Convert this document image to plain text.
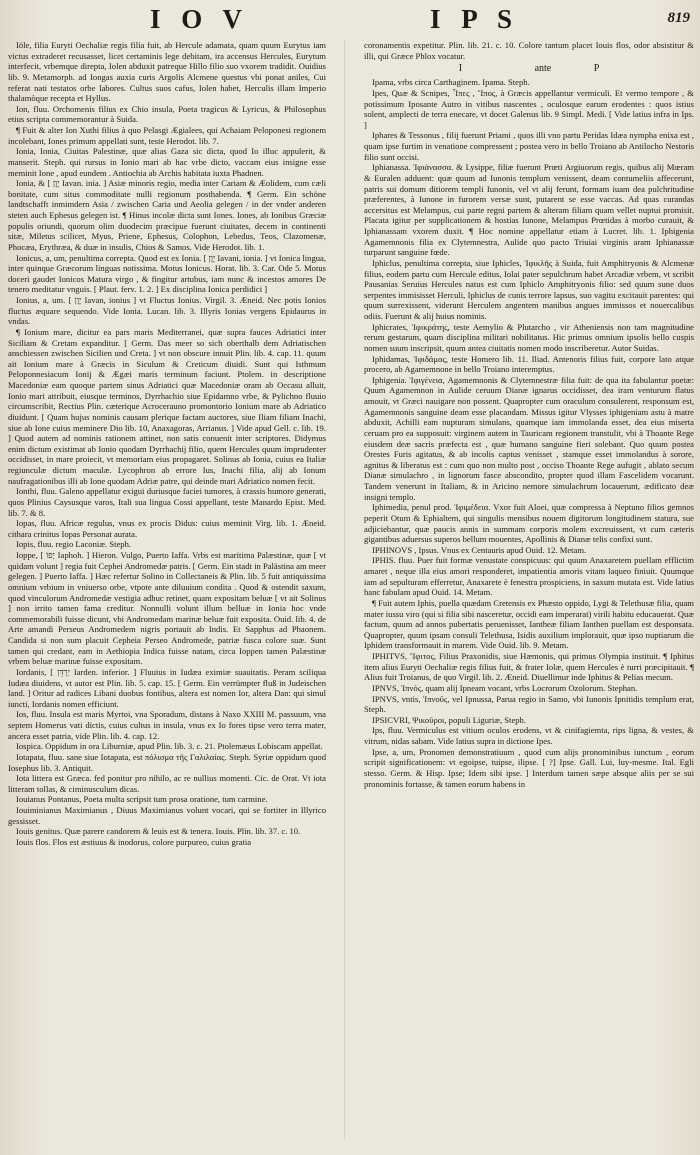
I O V	I P S	819

Iöle, filia Euryti Oechaliæ regis filia fuit, ab Hercule adamata, quam quum Eurytus iam victus extraderet recusasset, licet certaminis lege debitam, ira accensus Hercules, Eurytum interfecit, vrbemque direpta, Iolen abduxit patreque Hillo filio suo vxorem tradidit. Ouidius lib. 9. Metamorph. ad Iongas auxia curis Argolis Alcmene questus vbi ponat aniles, Cui referat nati testatos orbe labores. Cultus suos cafus, Iolen habet, Herculis illam Imperio thalamòque recepta et Hyllus.

Ion, fluu. Orchomenis filius ex Chio insula, Poeta tragicus & Lyricus, & Philosophus etius scripta commemorantur à Suida.

¶ Fuit & alter Ion Xuthi filius à quo Pelasgi Ægialees, qui Achaiam Peloponesi regionem incolebant, Iones primum appellati sunt, teste Herodot. lib. 7.

Ionia, Ionia, Ciuitas Palestinæ, quæ alias Gaza sic dicta, quod Io illuc appulerit, & manserit. Steph. qui rursus in Ionio mari ab hac vrbe dicto, vaccam eius insigne esse meminit Ione , apud eundem . Antiochia ab Archis habitata iuxta Phadnen.

Ionia, & [ יָוָן Iavan. inia. ] Asiæ minoris regio, media inter Cariam & Æolidem, cum cæli bonitate, cum situs commoditate nulli regionum posthabenda. ¶ Germ. Ein schöne landtschafft inmimdern Asia / zwischen Caria und Aeolia gelegen / in der vnder anderen steten auch Ephesus gelegen ist. ¶ Hinus incolæ dicta sunt Iones. Iones, ab Ionibus Græciæ populis oriundi, quorum olim duodecim præcipue fuerunt ciuitates, decem in continenti sitæ, Miletus scilicet, Myus, Priene, Ephesus, Colophon, Lebedus, Teos, Clazomenæ, Phocæa, Erythræa, & duæ in insulis, Chios & Samos. Vide Herodot. lib. 1.

Ionicus, a, um, penultima correpta. Quod est ex Ionia. [ יָוָן Iavani, ionia. ] vt Ionica lingua, inter quinque Græcorum linguas notissima. Motus Ionicus. Horat. lib. 3. Car. Ode 5. Motus doceri gaudet Ionicos Matura virgo , & fingitur artubus, iam nunc & incestos amores De tenero meditatur vnguis. [ Plaut. ferv. 1. 2. ] Ex disciplina Ionica perdidici ]

Ionius, a, um. [ יָוָן Iavan, ionius ] vt Fluctus Ionius. Virgil. 3. Æneid. Nec potis Ionios fluctus æquare sequendo. Vide Ionia. Lucan. lib. 3. Illyris Ionias vergens Epidaurus in vndas.

¶ Ionium mare, dicitur ea pars maris Mediterranei, quæ supra fauces Adriatici inter Siciliam & Cretam expanditur. [ Germ. Das meer so sich oberthalb dem Adriatischen anschiessen zwischen Sicilien und Creta. ] vt non obscure innuit Plin. lib. 4. cap. 11. quum ait Ionium mare à Græcis in Siculum & Creticum diuidi. Sunt qui Isthmum Peloponnesiacum Ionij & Ægæi maris terminum faciunt. Ptolem. in descriptione Macedoniæ eam quoque partem sinus Adriatici quæ Macedoniæ oram ab Occasu alluit, Ionio mari attribuit, eiusque terminos, Dyrrhachio siue Epidamno vrbe, & Pylichno fluuio circumscribit, Rectius Plin. cæterique Acrocerauno promontorio Ionium mare ab Adriatico diuidunt. [ Quam hujus nominis causam plerique factam auctores, siue Iliam filiam Inachi, siue ab Ione cuius meminere Dio lib. 10, Anaxagoras, Arrianus. ] Vide apud Gell. c. lib. 19. ] Quod autem ad nominis rationem attinet, non satis conuenit inter scriptores. Didymus enim dictum existimat ab Ionio quodam Dyrrhachij filio, quem Hercules quum imprudenter occidisset, in mare proiecit, vt memoriam eius propagaret. Solinus ab Ionia, cuius ea Italiæ regiunculæ dictum maculæ. Lycophron ab errore Ius, Inachi filia, alij ab Ionum naufragationibus illi ab Ione quodam Adriæ patre, qui deinde mari Adriatico nomen fecit.

Ionthi, fluu. Galeno appellatur exigui duriusque faciei tumores, à crassis humore generati, quos Plinius Caysusque varos, Itali sua lingua Cossi appellant, teste Manardo Epist. Med. lib. 7. & 8.

Iopas, fluu. Africæ regulus, vnus ex procis Didus: cuius meminit Virg. lib. 1. Æneid. cithara crinitus Iopas Personat aurata.

Iopis, fluu. regio Laconiæ. Steph.

Ioppe, [ יָפוֹ Iaphoh. ] Hieron. Vulgo, Puerto Iaffa. Vrbs est maritima Palæstinæ, quæ [ vt quidam volunt ] regia fuit Cephei Andromedæ patris. [ Germ. Ein stadt in Palästina am meer gelegen. ] Puerto Iaffa. ] Hæc refertur Solino in Collectaneis & Plin. lib. 5 fuit antiquissima omnium vrbium in vniuerso orbe, vtpote ante diluuium condita . Quod & ostendit saxum, quod vinculorum Andromedæ vestigia adhuc retinet, quam expositam beluæ [ vt ait Solinus ] non irrito tamen fama creditur. Nonnulli volunt illum belluæ in Ionia hoc vnde commemorabili fuisse dicunt, vbi Andromedam marinæ beluæ fuit exposita. Ouid. lib. 4. de Arte amandi Perseus Andromedem nigris portauit ab Indis. Et Sapphus ad Phaonem. Candida si non sum placuit Cepheia Perseo Andromede, patriæ fusca colore suæ. Sunt tamen qui credant, eam in Aethiopia Indica fuisse natam, circa Ioppen tamen Palæstinæ vrbem beluæ marinæ fuisse expositam.

Iordanis, [ יַרְדֵּן Iarden. inferior. ] Fluuius in Iudæa eximiæ suauitatis. Peram sciliqua Iudæa diuidens, vt autor est Plin. lib. 5. cap. 15. [ Germ. Ein verrümpter fluß in Judeischen land. ] Oritur ad radices Libani duobus fontibus, altera est nomen Ior, altera Dan: qui simul iuncti, Iordanis nomen efficiunt.

Ios, fluu. Insula est maris Myrtoi, vna Sporadum, distans à Naxo XXIII M. passuum, vna septem Homerus vati dictis, cuius cultus in insula, vnus ex Io fores tipse vero terra mater, ancera esset patria, vide Plin. lib. 4. cap. 12.

Iospica. Oppidum in ora Liburniæ, apud Plin. lib. 3. c. 21. Ptolemæus Lobiscam appellat.

Iotapata, fluu. sane siue Iotapata, est πόλισμα τῆς Γαλιλαίας. Steph. Syriæ oppidum quod Iosephus lib. 3. Antiquit.

Iota littera est Græca. fed ponitur pro nihilo, ac re nullius momenti. Cic. de Orat. Vt iota litteram tollas, & ciminusculum dicas.

Iouianus Pontanus, Poeta multa scripsit tum prosa oratione, tum carmine.

Iouiminianus Maximianus , Diuus Maximianus volunt vocari, qui se fortiter in Illyrico gessisset.

Iouis genitus. Quæ parere candorem & leuis est & tenera. Iouis. Plin. lib. 37. c. 10.

Iouis flos. Flos est æstiuus & inodorus, colore purpureo, cuius gratia

coronamentis expetitur. Plin. lib. 21. c. 10. Colore tantum placet Iouis flos, odor absistitur & illi, qui Græce Phlox vocatur.

I	ante	P

Ipama, vrbs circa Carthaginem. Ipama. Steph.

Ipes, Quæ & Scnipes, Ἶπες , Ἴπος, à Græcis appellantur vermiculi. Et vermo tempore , & potissimum Iposante Autro in vitibus nascentes , oculosque earum erodentes : quos istius solent, amplecti de terra enecare, vt docet Galenus lib. 9 Simpl. Medi. [ Vide latius infra in Ips. ]

Iphares & Tessonus , filij fuerunt Priami , quos illi vno partu Peridas Idæa nympha enixa est , quam ipse furtim in venatione compressent ; postea vero in bello Troiano ab Antilocho Nestoris filio sunt occisi.

Iphianassa. Ἰφιάνασσα. & Lysippe, filiæ fuerunt Prœti Argiuorum regis, quibus alij Mœram & Euralen adduent: quæ quum ad Iunonis templum venissent, deam contumeliis affecerunt, patris sui domum ditiorem templi Iunonis, vel vt alij ferunt, formam iuam dea pulchritudine præferentes, à Iunone in furorem versæ sunt, putarent se esse vaccas. Ad quas curandas accersitus est Melampus, cui parte regni partem & alteram filiam quam vellet nuptui promisit. Placata igitur per supplicationem & hostias Iunone, Melampus Prœtidas à morbo curauit, & Iphianassam vxorem duxit. ¶ Hoc nomine appellatur etiam à Lucret. lib. 1. Iphigenia Agamemnonis filia ex Clytemnestra, Aulide quo pacto Triuiai virginis aram Iphianassæ turparunt sanguine fœde.

Iphiclus, penultima correpta, siue Iphicles, Ἰφικλῆς à Suida, fuit Amphitryonis & Alcmenæ filius, eodem partu cum Hercule editus, Iolai pater sepulchrum habet Arcadiæ vrbem, vt scribit Pausanias Seruius Hercules natus est cum Iphiclo Amphitryonis filio: sed quum sune duos serpentes immisisset Herculi, Iphiclus de cunis terrore lapsus, suo vagitu excitauit parentes: qui quum surrexissent, viderunt Herculem angentem manibus angues immissos et nouercalibus odiis. Fuerunt & alij huius nominis.

Iphicrates, Ἰφικράτης, teste Aemylio & Plutarcho , vir Atheniensis non tam magnitudine rerum gestarum, quam disciplina militari nobilitatus. Hic primus omnium ipsolis bello cuspis nomen suum inscripsit, quum antea ciuitatis nomen modo inscriberetur. Autor Suidas.

Iphidamas, Ἰφιδάμας, teste Homero lib. 11. Iliad. Antenoris filius fuit, corpore lato atque procero, ab Agamemnone in bello Troiano interemptus.

Iphigenia. Ἰφιγένεια, Agamemnonis & Clytemnestræ filia fuit: de qua ita fabulantur poetæ: Quum Agamemnon in Aulide ceruum Dianæ ignarus occidisset, dea iram venturum flatus amouit, vt Græci nauigare non possent. Quapropter cum oraculum consulerent, responsum est, Agamemnonis sanguine deam esse placandam. Missus igitur Vlysses iphigeniam astu à matre abduxit, Achilli eam nupturam simulans, quamque iam immolanda esset, dea eius miserta ceruam pro ea supposuit: virginem autem in Tauricam regionem transtulit, vbi à Thoante Rege eiusdem deæ sacris præfecta est , quæ humano sanguine fieri solebant. Quo quum postea Orestes Furis agitatus, & ab incolis captus venisset , stamque esset immolandus à sorore, agnitus & liberatus est : cum quo non multo post , occiso Thoante Rege aufugit , ablato secum Dianæ simulachro , in lignorum fasce abscondito, propter quod illam Fascelidem vocarunt. Tandem venerunt in Italiam, & in Aricino nemore simulachrum locauerunt, ædificato deæ insigni templo.

Iphimedia, penul prod. Ἰφιμέδεια. Vxor fuit Aloei, quæ compressa à Neptuno filios gemnos peperit Otum & Ephialtem, qui singulis mensibus nouem digitorum longitudinem statura, sue adjiciebantur, quæ paucis annis in summam corporis molem excreuissent, vt cum cæteris gigantibus aduersus superos bellum mouentes, Apollinis & Dianæ telis confixi sunt.

IPHINOVS , Ipsus. Vnus ex Centauris apud Ouid. 12. Metam.

IPHIS. fluu. Puer fuit formæ venustate conspicuus: qui quum Anaxaretem puellam efflictim amaret , neque illa eius amori responderet, impatientia amoris vitam laqueo finiuit. Quumque iam ad sepulturam efferretur, Anaxarete è fenestra prospiciens, in saxum mutata est. Vide latius hanc fabulam apud Ouid. 14. Metam.

¶ Fuit autem Iphis, puella quædam Cretensis ex Phæsto oppido, Lygi & Telethusæ filia, quam mater iussu viro (qui si filia sibi nasceretur, occidi eam imperarat) virili habitu educauerat. Quæ factum, quum ad annos pubertatis peruenisset, Iantheæ filiam Ianthen puellam est desponsata. Quapropter, quum ipsam consuli Telethusa, Isidis auxilium implorauit, quæ ipso nuptiarum die Iphidem transformauit in marem. Vide Ouid. lib. 9. Metam.

IPHITVS, Ἴφιτος, Filius Praxonidis, siue Hæmonis, qui primus Olympia instituit. ¶ Iphitus item alius Euryti Oechaliæ regis filius fuit, & frater Iolæ, quem Hercules è turri præcipitauit. ¶ Alius fuit Troianus, de quo Virgil. lib. 2. Æneid. Diuellimur inde Iphitus & Pelias mecum.

IPNVS, Ἰπνός, quam alij Ipneam vocant, vrbs Locrorum Ozolorum. Stephan.

IPNVS, vntis, Ἰπνοῦς, vel Ipnussa, Parua regio in Samo, vbi Iunonis Ipnitidis templum erat, Steph.

IPSICVRI, Ψικοῦροι, populi Liguriæ, Steph.

Ips, fluu. Vermiculus est vitium oculos erodens, vt & cinifagiemta, rips ligna, & vestes, & vitrum, nidas sabam. Vide latius supra in dictione Ipes.

Ipse, a, um, Pronomen demonstratiuum , quod cum alijs pronominibus iunctum , eorum scripit significationem: vt egoipse, tuipse, ilipse. [ ?] Ipse. Gall. Lui, luy-mesme. Ital. Egli stesso. Germ. & Hisp. Ipse; Idem sibi ipse. ] Interdum tamen sæpe absque aliis per se sui pronominis fortasse, & tamen eorum habens in
